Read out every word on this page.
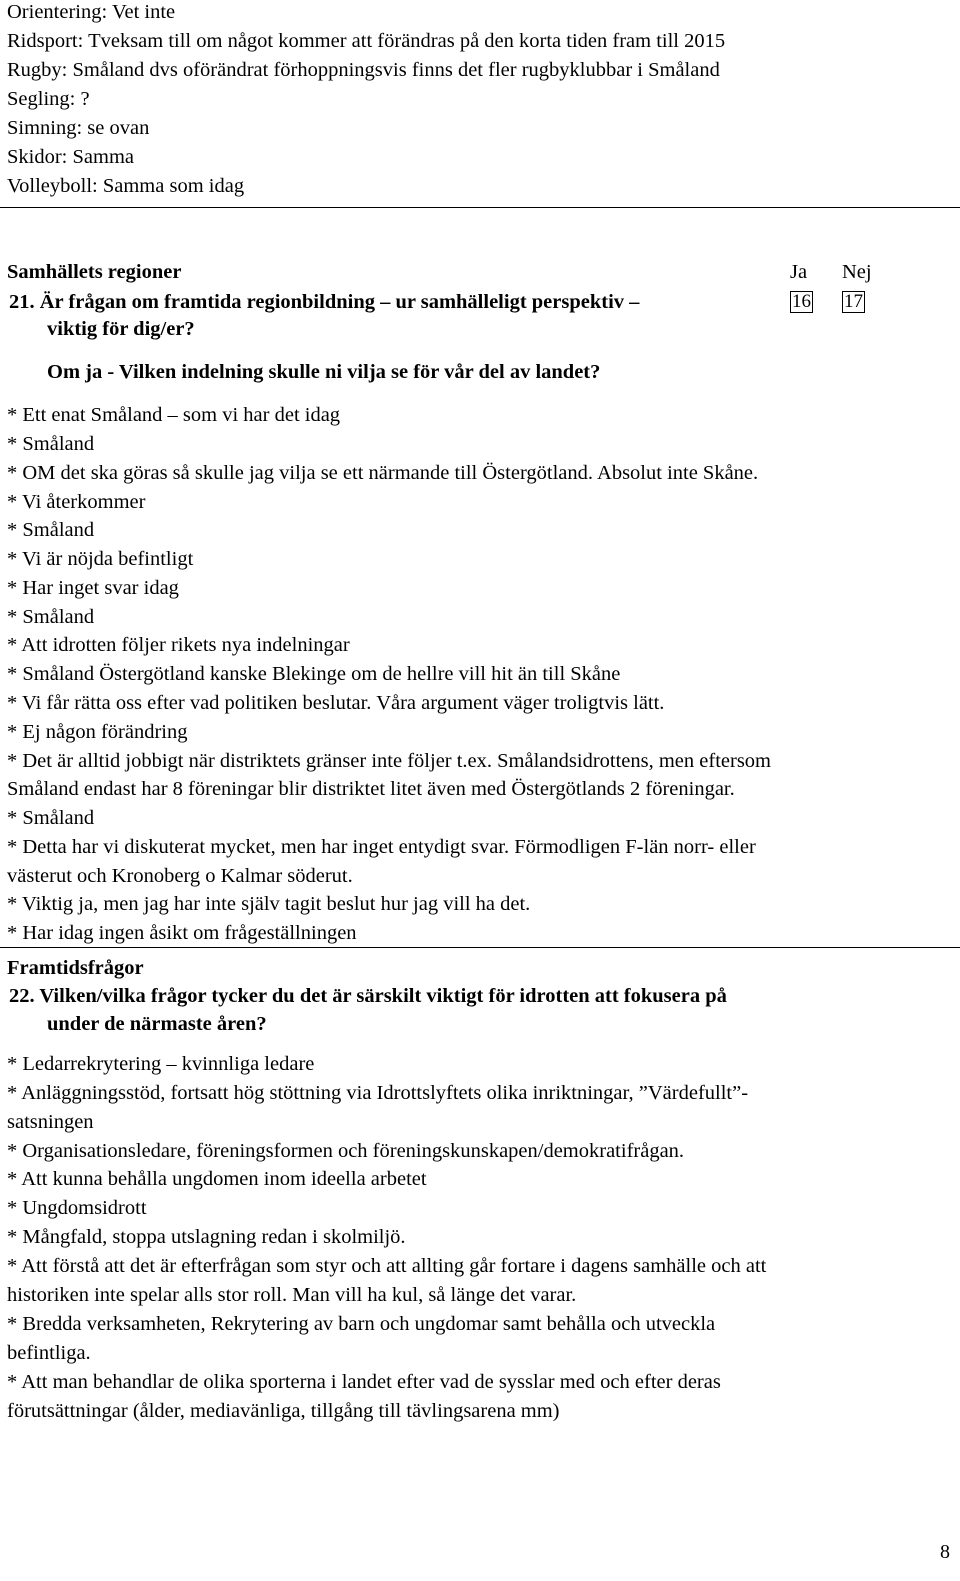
Orientering: Vet inte
Ridsport: Tveksam till om något kommer att förändras på den korta tiden fram till 2015
Rugby: Småland dvs oförändrat förhoppningsvis finns det fler rugbyklubbar i Småland
Segling: ?
Simning: se ovan
Skidor: Samma
Volleyboll: Samma som idag
Samhällets regioner	Ja Nej
21. Är frågan om framtida regionbildning – ur samhälleligt perspektiv –	16 17
viktig för dig/er?
Om ja - Vilken indelning skulle ni vilja se för vår del av landet?
* Ett enat Småland – som vi har det idag
* Småland
* OM det ska göras så skulle jag vilja se ett närmande till Östergötland. Absolut inte Skåne.
* Vi återkommer
* Småland
* Vi är nöjda befintligt
* Har inget svar idag
* Småland
* Att idrotten följer rikets nya indelningar
* Småland Östergötland kanske Blekinge om de hellre vill hit än till Skåne
* Vi får rätta oss efter vad politiken beslutar. Våra argument väger troligtvis lätt.
* Ej någon förändring
* Det är alltid jobbigt när distriktets gränser inte följer t.ex. Smålandsidrottens, men eftersom
Småland endast har 8 föreningar blir distriktet litet även med Östergötlands 2 föreningar.
* Småland
* Detta har vi diskuterat mycket, men har inget entydigt svar. Förmodligen F-län norr- eller
västerut och Kronoberg o Kalmar söderut.
* Viktig ja, men jag har inte själv tagit beslut hur jag vill ha det.
* Har idag ingen åsikt om frågeställningen
Framtidsfrågor
22. Vilken/vilka frågor tycker du det är särskilt viktigt för idrotten att fokusera på
under de närmaste åren?
* Ledarrekrytering – kvinnliga ledare
* Anläggningsstöd, fortsatt hög stöttning via Idrottslyftets olika inriktningar, ”Värdefullt”-
satsningen
* Organisationsledare, föreningsformen och föreningskunskapen/demokratifrågan.
* Att kunna behålla ungdomen inom ideella arbetet
* Ungdomsidrott
* Mångfald, stoppa utslagning redan i skolmiljö.
* Att förstå att det är efterfrågan som styr och att allting går fortare i dagens samhälle och att
historiken inte spelar alls stor roll. Man vill ha kul, så länge det varar.
* Bredda verksamheten, Rekrytering av barn och ungdomar samt behålla och utveckla
befintliga.
* Att man behandlar de olika sporterna i landet efter vad de sysslar med och efter deras
förutsättningar (ålder, mediavänliga, tillgång till tävlingsarena mm)
8
